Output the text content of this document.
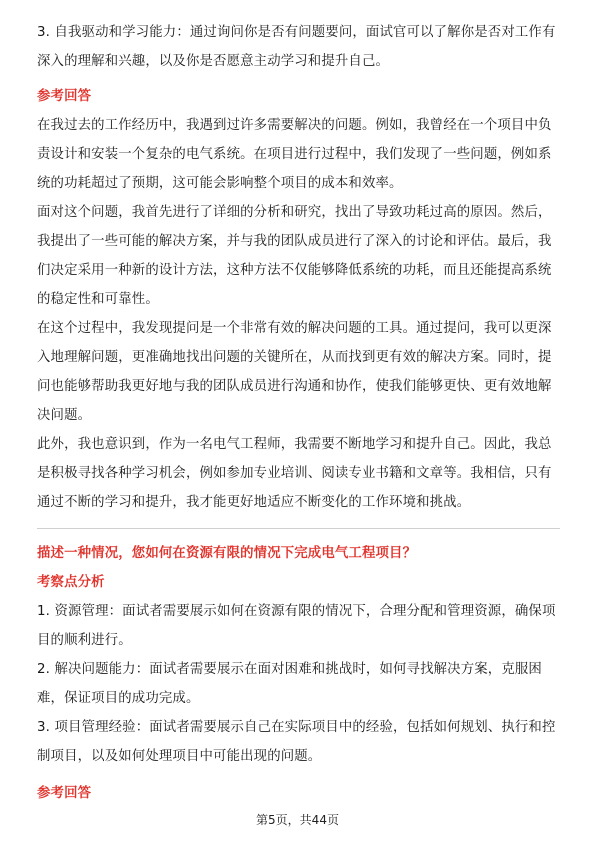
3. 自我驱动和学习能力：通过询问你是否有问题要问，面试官可以了解你是否对工作有深入的理解和兴趣，以及你是否愿意主动学习和提升自己。

参考回答

在我过去的工作经历中，我遇到过许多需要解决的问题。例如，我曾经在一个项目中负责设计和安装一个复杂的电气系统。在项目进行过程中，我们发现了一些问题，例如系统的功耗超过了预期，这可能会影响整个项目的成本和效率。

面对这个问题，我首先进行了详细的分析和研究，找出了导致功耗过高的原因。然后，我提出了一些可能的解决方案，并与我的团队成员进行了深入的讨论和评估。最后，我们决定采用一种新的设计方法，这种方法不仅能够降低系统的功耗，而且还能提高系统的稳定性和可靠性。

在这个过程中，我发现提问是一个非常有效的解决问题的工具。通过提问，我可以更深入地理解问题，更准确地找出问题的关键所在，从而找到更有效的解决方案。同时，提问也能够帮助我更好地与我的团队成员进行沟通和协作，使我们能够更快、更有效地解决问题。

此外，我也意识到，作为一名电气工程师，我需要不断地学习和提升自己。因此，我总是积极寻找各种学习机会，例如参加专业培训、阅读专业书籍和文章等。我相信，只有通过不断的学习和提升，我才能更好地适应不断变化的工作环境和挑战。

描述一种情况，您如何在资源有限的情况下完成电气工程项目？

考察点分析

1. 资源管理：面试者需要展示如何在资源有限的情况下，合理分配和管理资源，确保项目的顺利进行。

2. 解决问题能力：面试者需要展示在面对困难和挑战时，如何寻找解决方案，克服困难，保证项目的成功完成。

3. 项目管理经验：面试者需要展示自己在实际项目中的经验，包括如何规划、执行和控制项目，以及如何处理项目中可能出现的问题。

参考回答

第5页，共44页
